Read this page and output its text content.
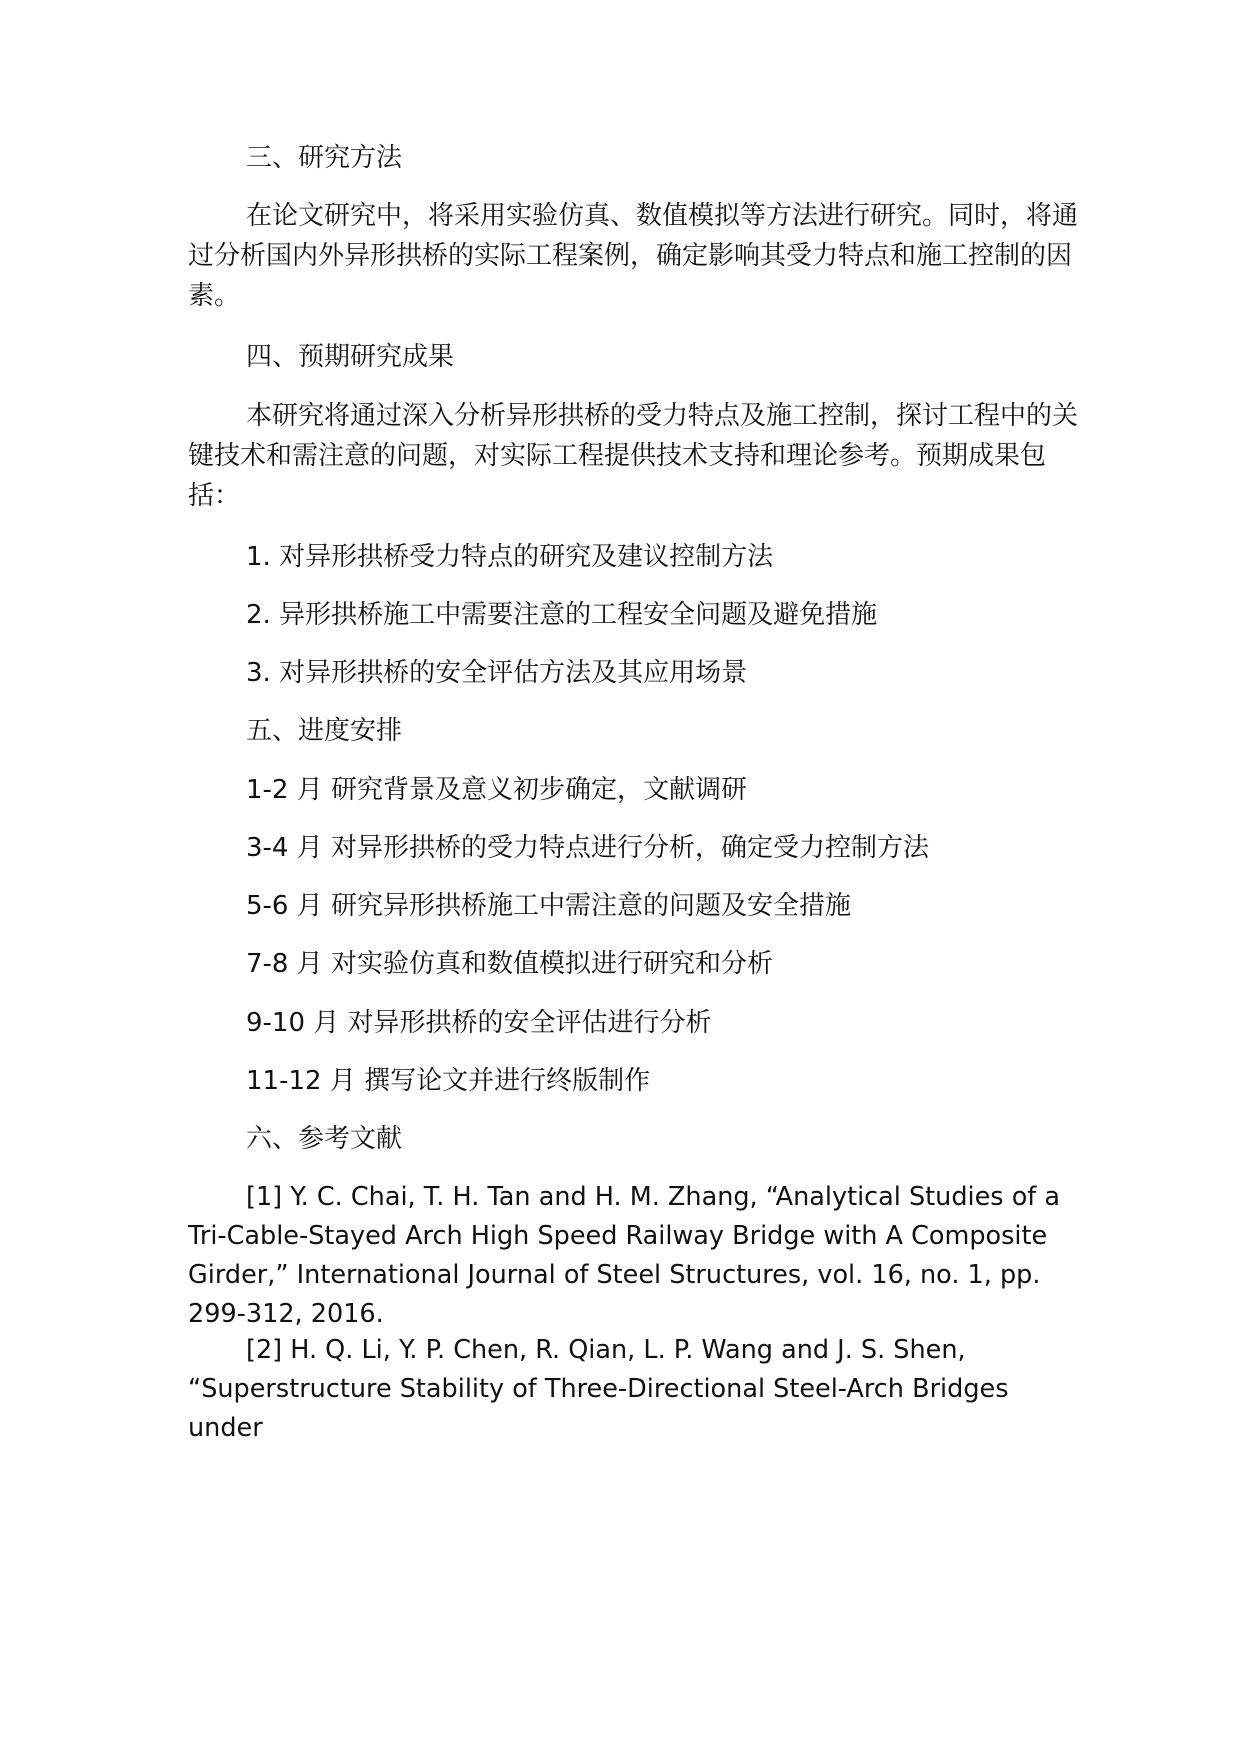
三、研究方法

在论文研究中，将采用实验仿真、数值模拟等方法进行研究。同时，将通过分析国内外异形拱桥的实际工程案例，确定影响其受力特点和施工控制的因素。

四、预期研究成果

本研究将通过深入分析异形拱桥的受力特点及施工控制，探讨工程中的关键技术和需注意的问题，对实际工程提供技术支持和理论参考。预期成果包括：

1. 对异形拱桥受力特点的研究及建议控制方法

2. 异形拱桥施工中需要注意的工程安全问题及避免措施

3. 对异形拱桥的安全评估方法及其应用场景

五、进度安排

1-2 月 研究背景及意义初步确定，文献调研

3-4 月 对异形拱桥的受力特点进行分析，确定受力控制方法

5-6 月 研究异形拱桥施工中需注意的问题及安全措施

7-8 月 对实验仿真和数值模拟进行研究和分析

9-10 月 对异形拱桥的安全评估进行分析

11-12 月 撰写论文并进行终版制作

六、参考文献

[1] Y. C. Chai, T. H. Tan and H. M. Zhang, “Analytical Studies of a Tri-Cable-Stayed Arch High Speed Railway Bridge with A Composite Girder,” International Journal of Steel Structures, vol. 16, no. 1, pp. 299-312, 2016.

[2] H. Q. Li, Y. P. Chen, R. Qian, L. P. Wang and J. S. Shen, “Superstructure Stability of Three-Directional Steel-Arch Bridges under
